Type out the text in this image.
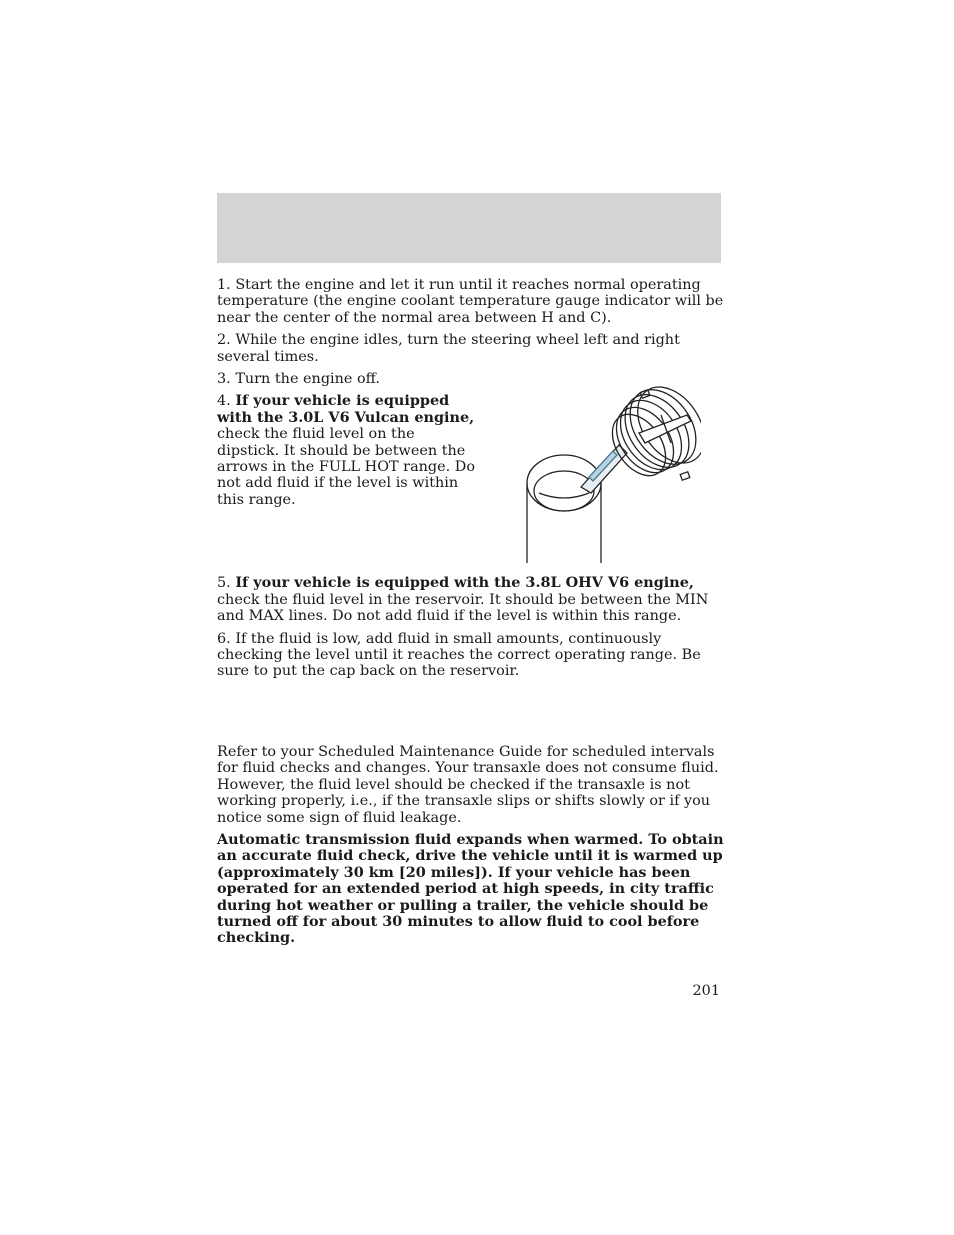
1. Start the engine and let it run until it reaches normal operating temperature (the engine coolant temperature gauge indicator will be near the center of the normal area between H and C).

2. While the engine idles, turn the steering wheel left and right several times.

3. Turn the engine off.

4. If your vehicle is equipped with the 3.0L V6 Vulcan engine, check the fluid level on the dipstick. It should be between the arrows in the FULL HOT range. Do not add fluid if the level is within this range.

5. If your vehicle is equipped with the 3.8L OHV V6 engine, check the fluid level in the reservoir. It should be between the MIN and MAX lines. Do not add fluid if the level is within this range.

6. If the fluid is low, add fluid in small amounts, continuously checking the level until it reaches the correct operating range. Be sure to put the cap back on the reservoir.

Refer to your Scheduled Maintenance Guide for scheduled intervals for fluid checks and changes. Your transaxle does not consume fluid. However, the fluid level should be checked if the transaxle is not working properly, i.e., if the transaxle slips or shifts slowly or if you notice some sign of fluid leakage.

Automatic transmission fluid expands when warmed. To obtain an accurate fluid check, drive the vehicle until it is warmed up (approximately 30 km [20 miles]). If your vehicle has been operated for an extended period at high speeds, in city traffic during hot weather or pulling a trailer, the vehicle should be turned off for about 30 minutes to allow fluid to cool before checking.

201
